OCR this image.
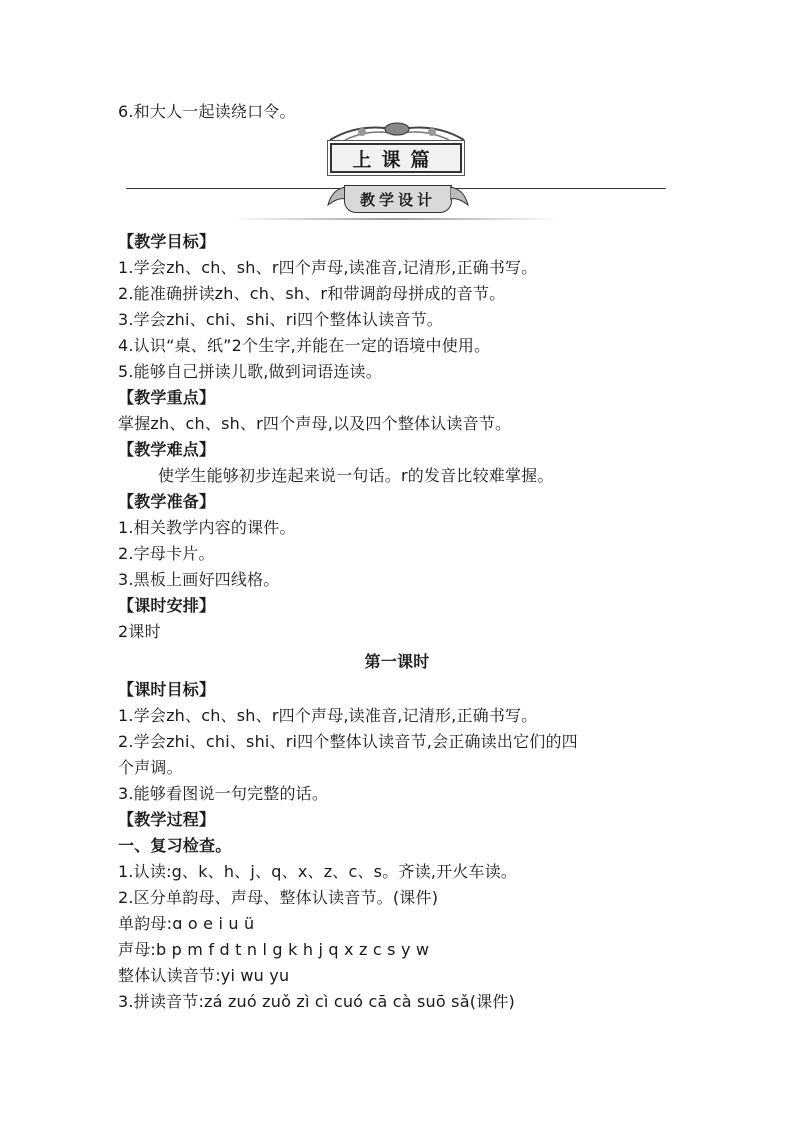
6.和大人一起读绕口令。
上课篇
教学设计
【教学目标】
1.学会zh、ch、sh、r四个声母,读准音,记清形,正确书写。
2.能准确拼读zh、ch、sh、r和带调韵母拼成的音节。
3.学会zhi、chi、shi、ri四个整体认读音节。
4.认识“桌、纸”2个生字,并能在一定的语境中使用。
5.能够自己拼读儿歌,做到词语连读。
【教学重点】
掌握zh、ch、sh、r四个声母,以及四个整体认读音节。
【教学难点】
使学生能够初步连起来说一句话。r的发音比较难掌握。
【教学准备】
1.相关教学内容的课件。
2.字母卡片。
3.黑板上画好四线格。
【课时安排】
2课时
第一课时
【课时目标】
1.学会zh、ch、sh、r四个声母,读准音,记清形,正确书写。
2.学会zhi、chi、shi、ri四个整体认读音节,会正确读出它们的四
个声调。
3.能够看图说一句完整的话。
【教学过程】
一、复习检查。
1.认读:g、k、h、j、q、x、z、c、s。齐读,开火车读。
2.区分单韵母、声母、整体认读音节。(课件)
单韵母:ɑ o e i u ü
声母:b p m f d t n l g k h j q x z c s y w
整体认读音节:yi wu yu
3.拼读音节:zá zuó zuǒ zì cì cuó cā cà suō sǎ(课件)
